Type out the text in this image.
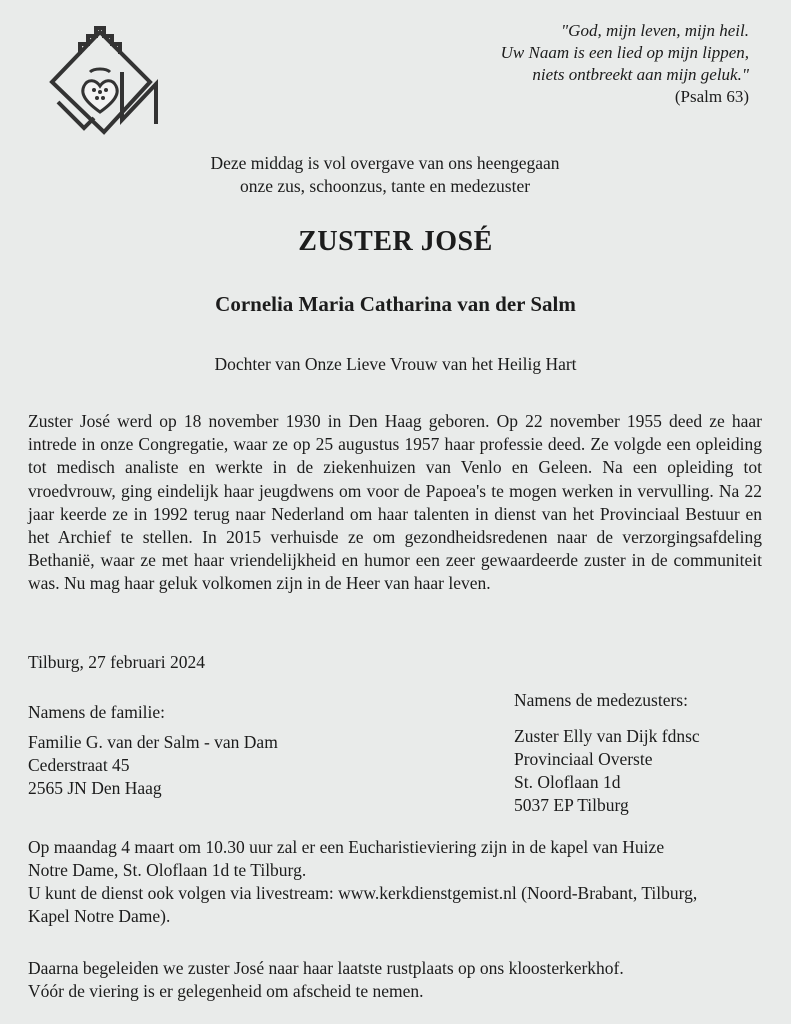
"God, mijn leven, mijn heil.
Uw Naam is een lied op mijn lippen,
niets ontbreekt aan mijn geluk."
(Psalm 63)
Deze middag is vol overgave van ons heengegaan
onze zus, schoonzus, tante en medezuster
ZUSTER JOSÉ
Cornelia Maria Catharina van der Salm
Dochter van Onze Lieve Vrouw van het Heilig Hart

Zuster José werd op 18 november 1930 in Den Haag geboren. Op 22 november 1955 deed ze haar intrede in onze Congregatie, waar ze op 25 augustus 1957 haar professie deed. Ze volgde een opleiding tot medisch analiste en werkte in de ziekenhuizen van Venlo en Geleen. Na een opleiding tot vroedvrouw, ging eindelijk haar jeugdwens om voor de Papoea's te mogen werken in vervulling. Na 22 jaar keerde ze in 1992 terug naar Nederland om haar talenten in dienst van het Provinciaal Bestuur en het Archief te stellen. In 2015 verhuisde ze om gezondheidsredenen naar de verzorgingsafdeling Bethanië, waar ze met haar vriendelijkheid en humor een zeer gewaardeerde zuster in de communiteit was. Nu mag haar geluk volkomen zijn in de Heer van haar leven.

Tilburg, 27 februari 2024
Namens de familie:
Familie G. van der Salm - van Dam
Cederstraat 45
2565 JN Den Haag
Namens de medezusters:
Zuster Elly van Dijk fdnsc
Provinciaal Overste
St. Oloflaan 1d
5037 EP Tilburg
Op maandag 4 maart om 10.30 uur zal er een Eucharistieviering zijn in de kapel van Huize
Notre Dame, St. Oloflaan 1d te Tilburg.
U kunt de dienst ook volgen via livestream: www.kerkdienstgemist.nl (Noord-Brabant, Tilburg,
Kapel Notre Dame).
Daarna begeleiden we zuster José naar haar laatste rustplaats op ons kloosterkerkhof.
Vóór de viering is er gelegenheid om afscheid te nemen.
